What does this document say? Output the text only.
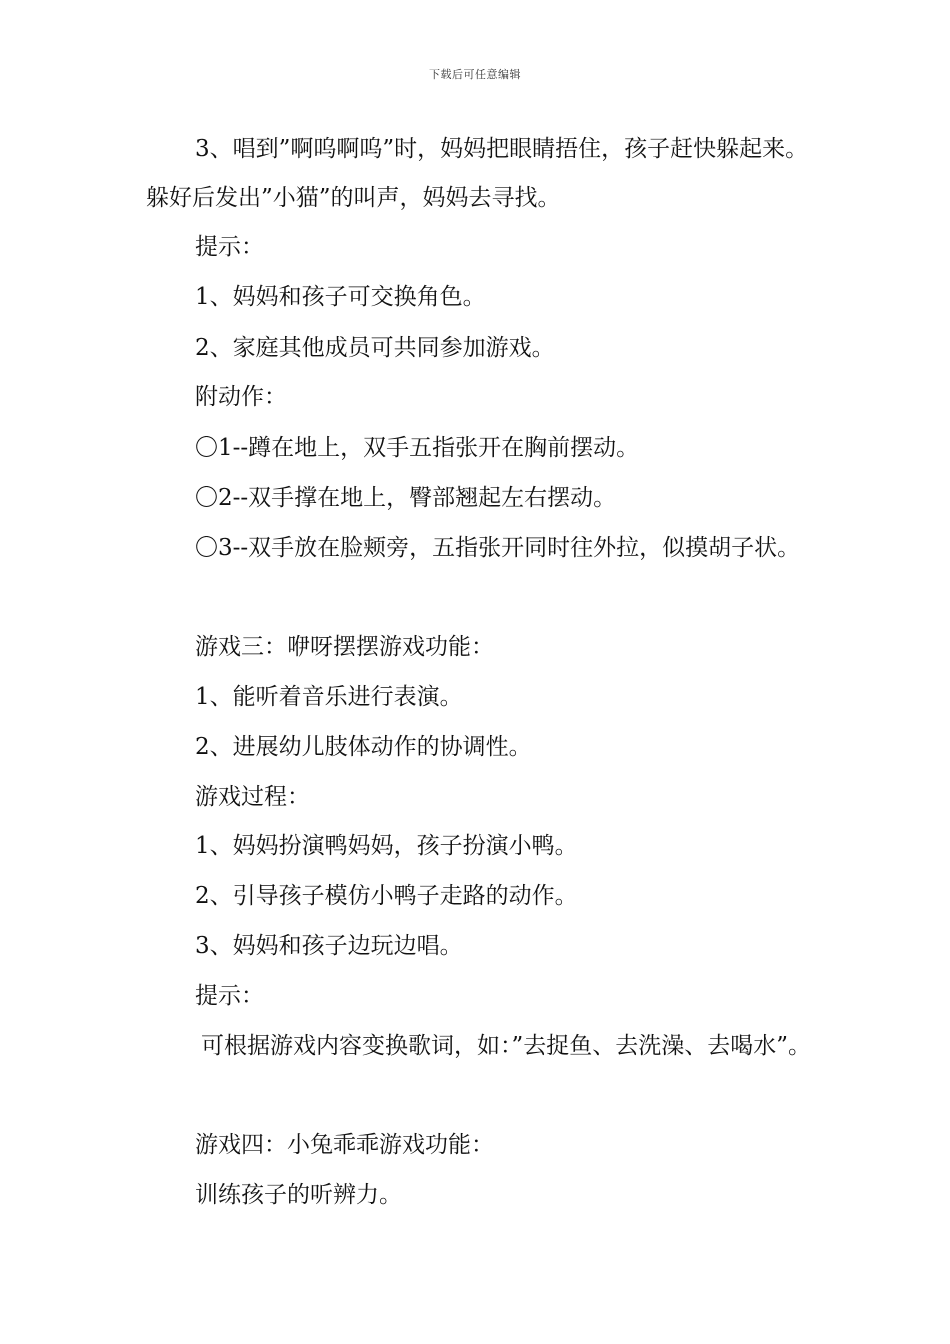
下载后可任意编辑

3、唱到”啊呜啊呜”时，妈妈把眼睛捂住，孩子赶快躲起来。躲好后发出”小猫”的叫声，妈妈去寻找。

提示：

1、妈妈和孩子可交换角色。

2、家庭其他成员可共同参加游戏。

附动作：

〇1--蹲在地上，双手五指张开在胸前摆动。

〇2--双手撑在地上，臀部翘起左右摆动。

〇3--双手放在脸颊旁，五指张开同时往外拉，似摸胡子状。

游戏三：咿呀摆摆游戏功能：

1、能听着音乐进行表演。

2、进展幼儿肢体动作的协调性。

游戏过程：

1、妈妈扮演鸭妈妈，孩子扮演小鸭。

2、引导孩子模仿小鸭子走路的动作。

3、妈妈和孩子边玩边唱。

提示：

可根据游戏内容变换歌词，如：”去捉鱼、去洗澡、去喝水”。

游戏四：小兔乖乖游戏功能：

训练孩子的听辨力。
